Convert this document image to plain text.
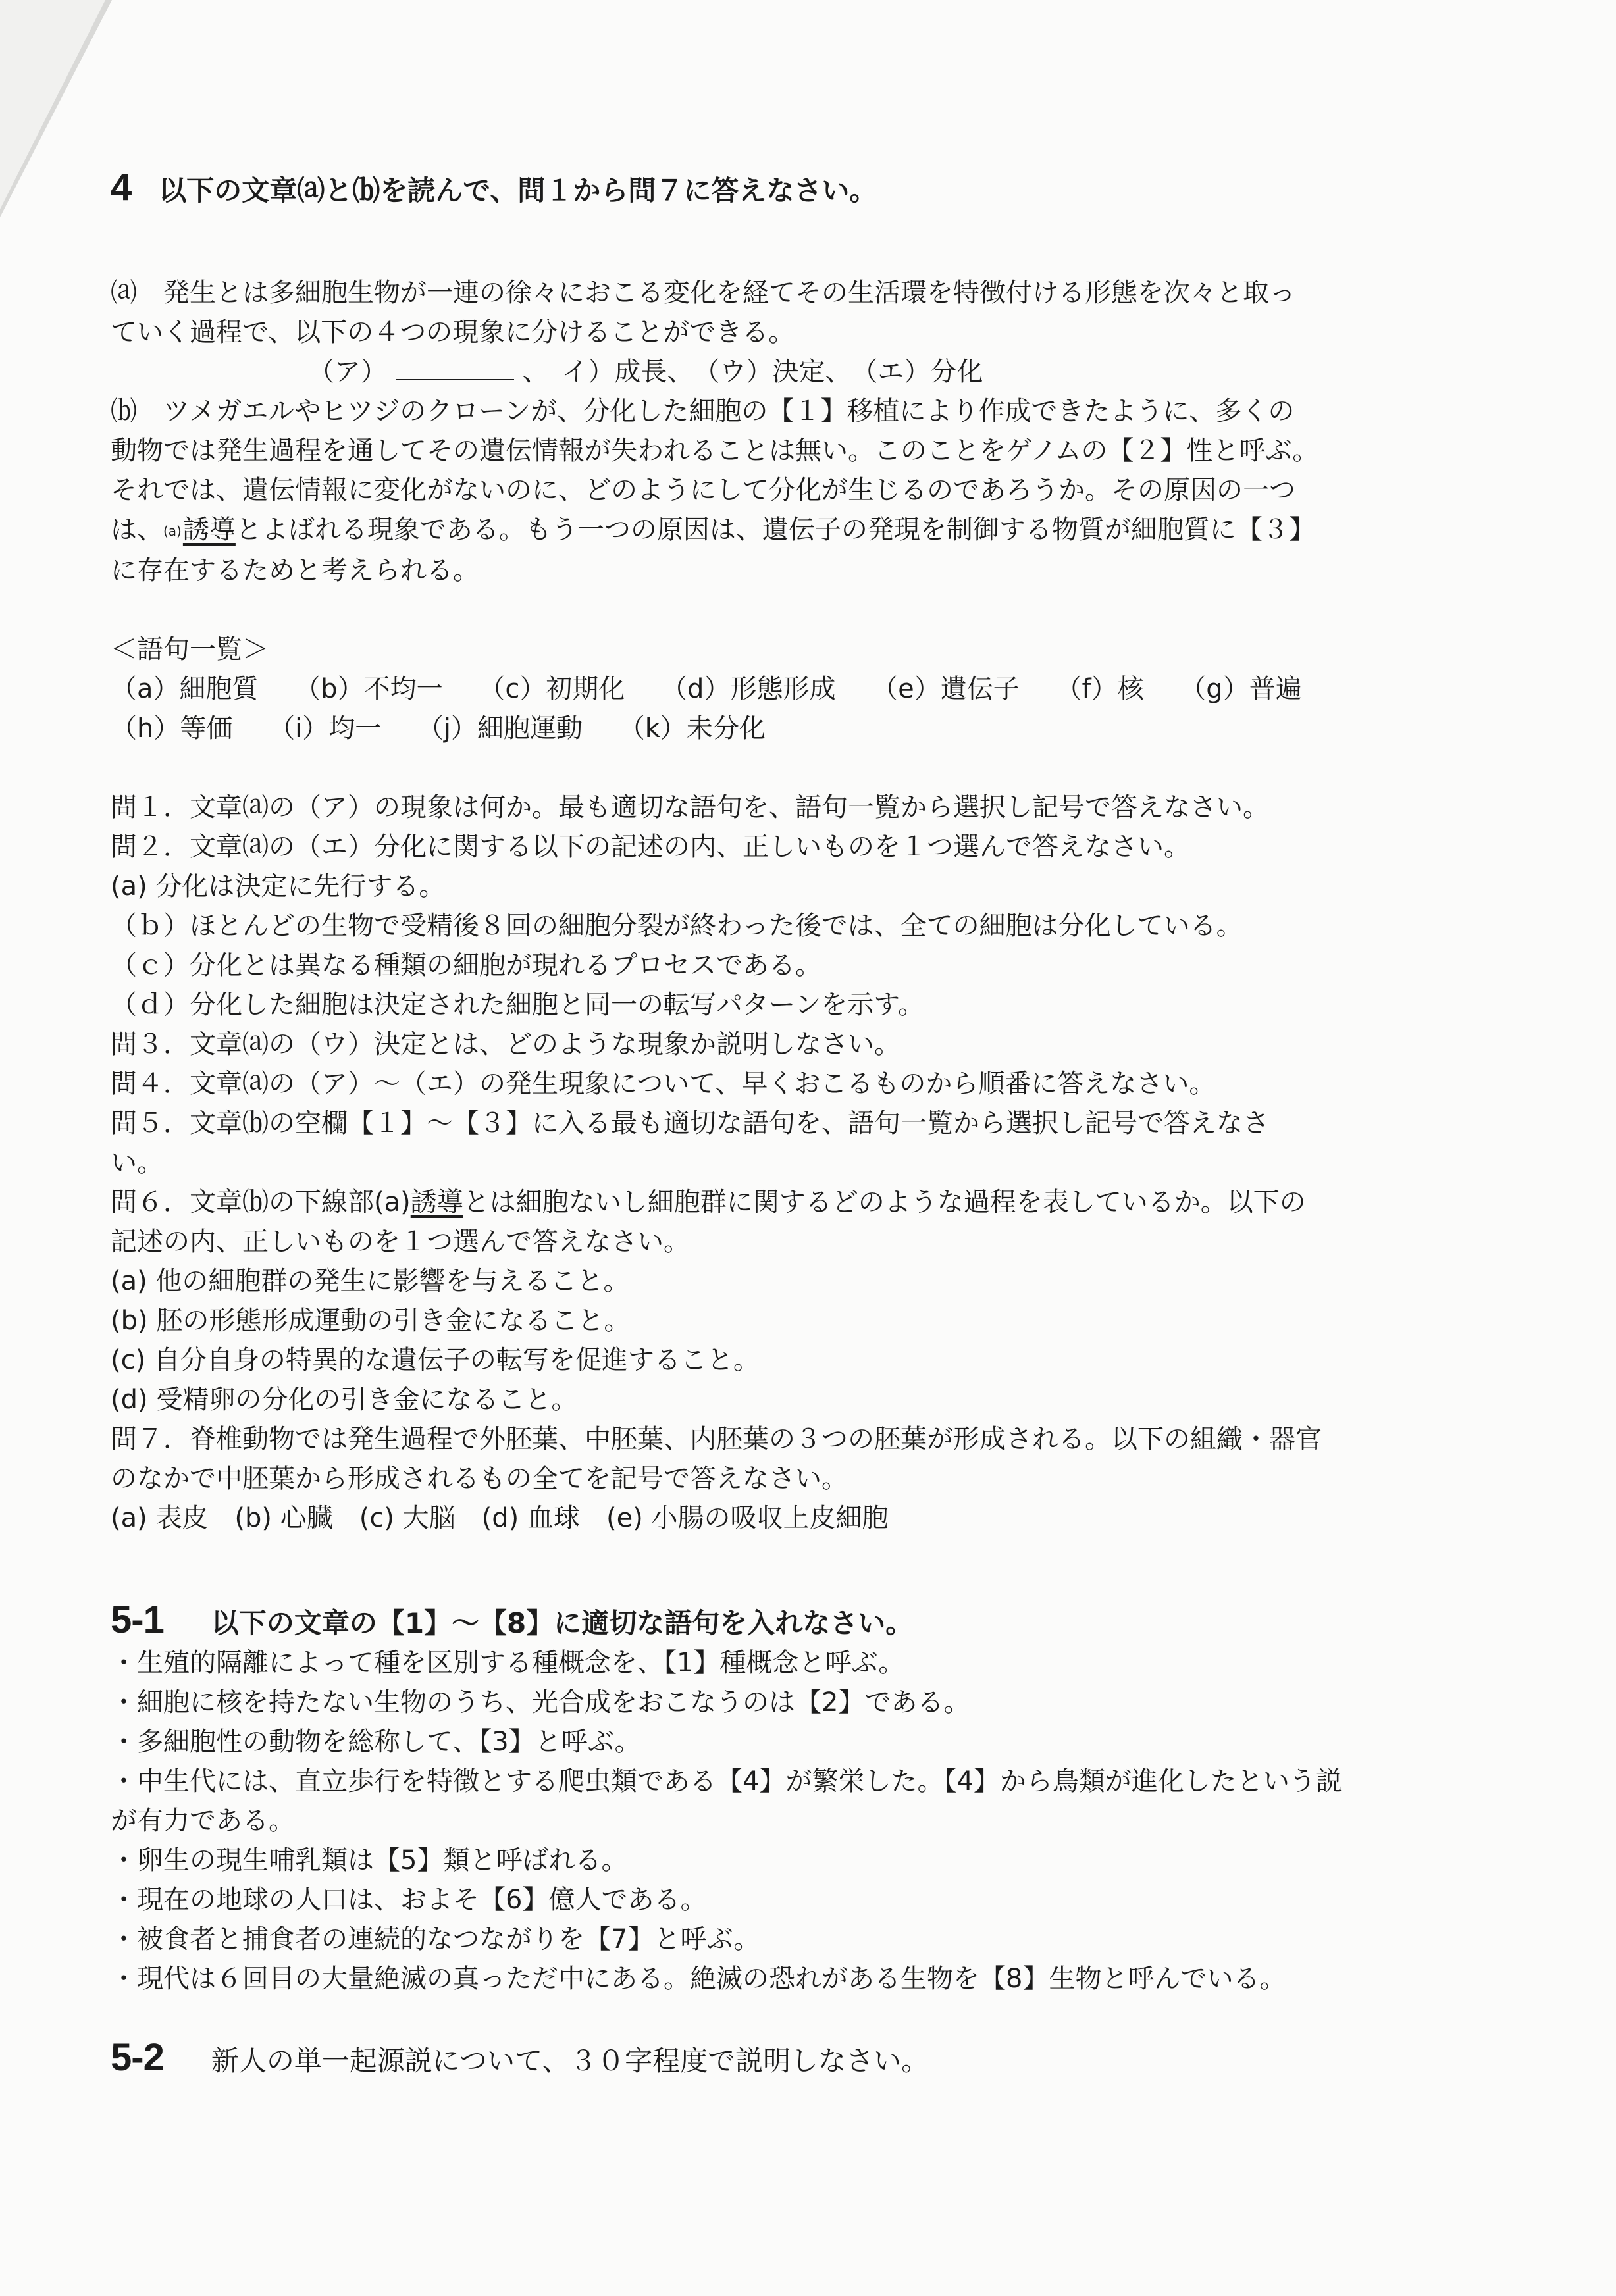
4 以下の文章⒜と⒝を読んで、問１から問７に答えなさい。
⒜　発生とは多細胞生物が一連の徐々におこる変化を経てその生活環を特徴付ける形態を次々と取っ
ていく過程で、以下の４つの現象に分けることができる。
（ア）	、　イ）成長、　（ウ）決定、　（エ）分化
⒝　ツメガエルやヒツジのクローンが、分化した細胞の【１】移植により作成できたように、多くの
動物では発生過程を通してその遺伝情報が失われることは無い。このことをゲノムの【２】性と呼ぶ。
それでは、遺伝情報に変化がないのに、どのようにして分化が生じるのであろうか。その原因の一つ
は、$^{(a)}$誘導とよばれる現象である。もう一つの原因は、遺伝子の発現を制御する物質が細胞質に【３】
に存在するためと考えられる。
＜語句一覧＞
（a）細胞質 （b）不均一 （c）初期化 （d）形態形成 （e）遺伝子 （f）核 （g）普遍
（h）等価 （i）均一 （j）細胞運動 （k）未分化
問１．文章⒜の（ア）の現象は何か。最も適切な語句を、語句一覧から選択し記号で答えなさい。
問２．文章⒜の（エ）分化に関する以下の記述の内、正しいものを１つ選んで答えなさい。
(a) 分化は決定に先行する。
（ｂ）ほとんどの生物で受精後８回の細胞分裂が終わった後では、全ての細胞は分化している。
（ｃ）分化とは異なる種類の細胞が現れるプロセスである。
（ｄ）分化した細胞は決定された細胞と同一の転写パターンを示す。
問３．文章⒜の（ウ）決定とは、どのような現象か説明しなさい。
問４．文章⒜の（ア）～（エ）の発生現象について、早くおこるものから順番に答えなさい。
問５．文章⒝の空欄【１】～【３】に入る最も適切な語句を、語句一覧から選択し記号で答えなさ
い。
問６．文章⒝の下線部(a)誘導とは細胞ないし細胞群に関するどのような過程を表しているか。以下の
記述の内、正しいものを１つ選んで答えなさい。
(a) 他の細胞群の発生に影響を与えること。
(b) 胚の形態形成運動の引き金になること。
(c) 自分自身の特異的な遺伝子の転写を促進すること。
(d) 受精卵の分化の引き金になること。
問７．脊椎動物では発生過程で外胚葉、中胚葉、内胚葉の３つの胚葉が形成される。以下の組織・器官
のなかで中胚葉から形成されるもの全てを記号で答えなさい。
(a) 表皮　(b) 心臓　(c) 大脳　(d) 血球　(e) 小腸の吸収上皮細胞
5-1 以下の文章の【1】～【8】に適切な語句を入れなさい。
・生殖的隔離によって種を区別する種概念を、【1】種概念と呼ぶ。
・細胞に核を持たない生物のうち、光合成をおこなうのは【2】である。
・多細胞性の動物を総称して、【3】と呼ぶ。
・中生代には、直立歩行を特徴とする爬虫類である【4】が繁栄した。【4】から鳥類が進化したという説
が有力である。
・卵生の現生哺乳類は【5】類と呼ばれる。
・現在の地球の人口は、およそ【6】億人である。
・被食者と捕食者の連続的なつながりを【7】と呼ぶ。
・現代は６回目の大量絶滅の真っただ中にある。絶滅の恐れがある生物を【8】生物と呼んでいる。
5-2 新人の単一起源説について、３０字程度で説明しなさい。
